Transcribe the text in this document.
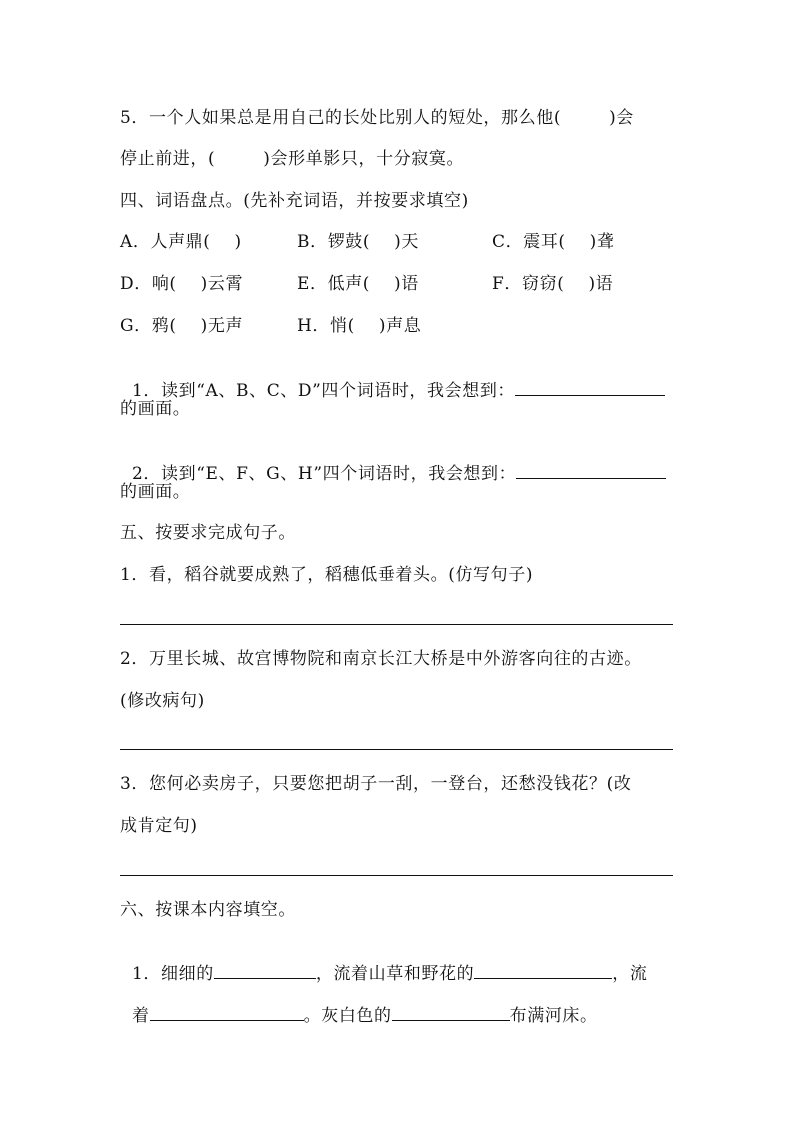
5．一个人如果总是用自己的长处比别人的短处，那么他(        )会
停止前进，(        )会形单影只，十分寂寞。
四、词语盘点。(先补充词语，并按要求填空)
A．人声鼎(    )	B．锣鼓(    )天	C．震耳(    )聋
D．响(    )云霄	E．低声(    )语	F．窃窃(    )语
G．鸦(    )无声	H．悄(    )声息

1．读到“A、B、C、D”四个词语时，我会想到：

的画面。

2．读到“E、F、G、H”四个词语时，我会想到：

的画面。
五、按要求完成句子。
1．看，稻谷就要成熟了，稻穗低垂着头。(仿写句子)
2．万里长城、故宫博物院和南京长江大桥是中外游客向往的古迹。
(修改病句)
3．您何必卖房子，只要您把胡子一刮，一登台，还愁没钱花？(改
成肯定句)
六、按课本内容填空。

1．细细的	，流着山草和野花的	，流

着	。灰白色的	布满河床。
